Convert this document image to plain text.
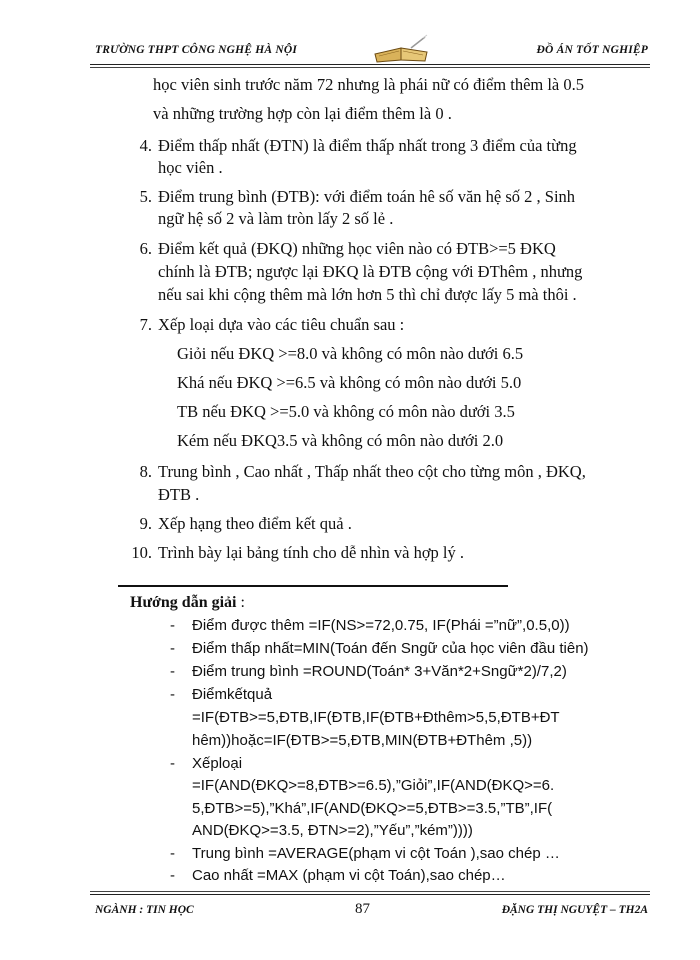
TRƯỜNG THPT CÔNG NGHỆ HÀ NỘI	ĐỒ ÁN TỐT NGHIỆP
học viên sinh trước năm 72 nhưng là phái nữ có điểm thêm là 0.5
và những trường hợp còn lại điểm thêm là 0 .
4. Điểm thấp nhất (ĐTN) là điểm thấp nhất trong 3 điểm của từng
học viên .
5. Điểm trung bình (ĐTB): với điểm toán hê số văn hệ số 2 , Sinh
ngữ hệ số 2 và làm tròn lấy 2 số lẻ .
6. Điểm kết quả (ĐKQ) những học viên nào có ĐTB>=5 ĐKQ
chính là ĐTB; ngược lại ĐKQ là ĐTB cộng với ĐThêm , nhưng
nếu sai khi cộng thêm mà lớn hơn 5 thì chỉ được lấy 5 mà thôi .
7. Xếp loại dựa vào các tiêu chuẩn sau :
Giỏi nếu ĐKQ >=8.0 và không có môn nào dưới 6.5
Khá nếu ĐKQ >=6.5 và không có môn nào dưới 5.0
TB nếu ĐKQ >=5.0 và không có môn nào dưới 3.5
Kém nếu ĐKQ3.5 và không có môn nào dưới 2.0
8. Trung bình , Cao nhất , Thấp nhất theo cột cho từng môn , ĐKQ,
ĐTB .
9. Xếp hạng theo điểm kết quả .
10. Trình bày lại bảng tính cho dễ nhìn và hợp lý .
Hướng dẫn giải :
- Điểm được thêm =IF(NS>=72,0.75, IF(Phái =”nữ”,0.5,0))
- Điểm thấp nhất=MIN(Toán đến Sngữ của học viên đầu tiên)
- Điểm trung bình =ROUND(Toán* 3+Văn*2+Sngữ*2)/7,2)
- Điểmkếtquả
=IF(ĐTB>=5,ĐTB,IF(ĐTB,IF(ĐTB+Đthêm>5,5,ĐTB+ĐT
hêm))hoặc=IF(ĐTB>=5,ĐTB,MIN(ĐTB+ĐThêm ,5))
- Xếploại
=IF(AND(ĐKQ>=8,ĐTB>=6.5),”Giỏi”,IF(AND(ĐKQ>=6.
5,ĐTB>=5),”Khá”,IF(AND(ĐKQ>=5,ĐTB>=3.5,”TB”,IF(
AND(ĐKQ>=3.5, ĐTN>=2),”Yếu”,”kém”))))
- Trung bình =AVERAGE(phạm vi cột Toán ),sao chép …
- Cao nhất =MAX (phạm vi cột Toán),sao chép…
NGÀNH : TIN HỌC	87	ĐẶNG THỊ NGUYỆT – TH2A
